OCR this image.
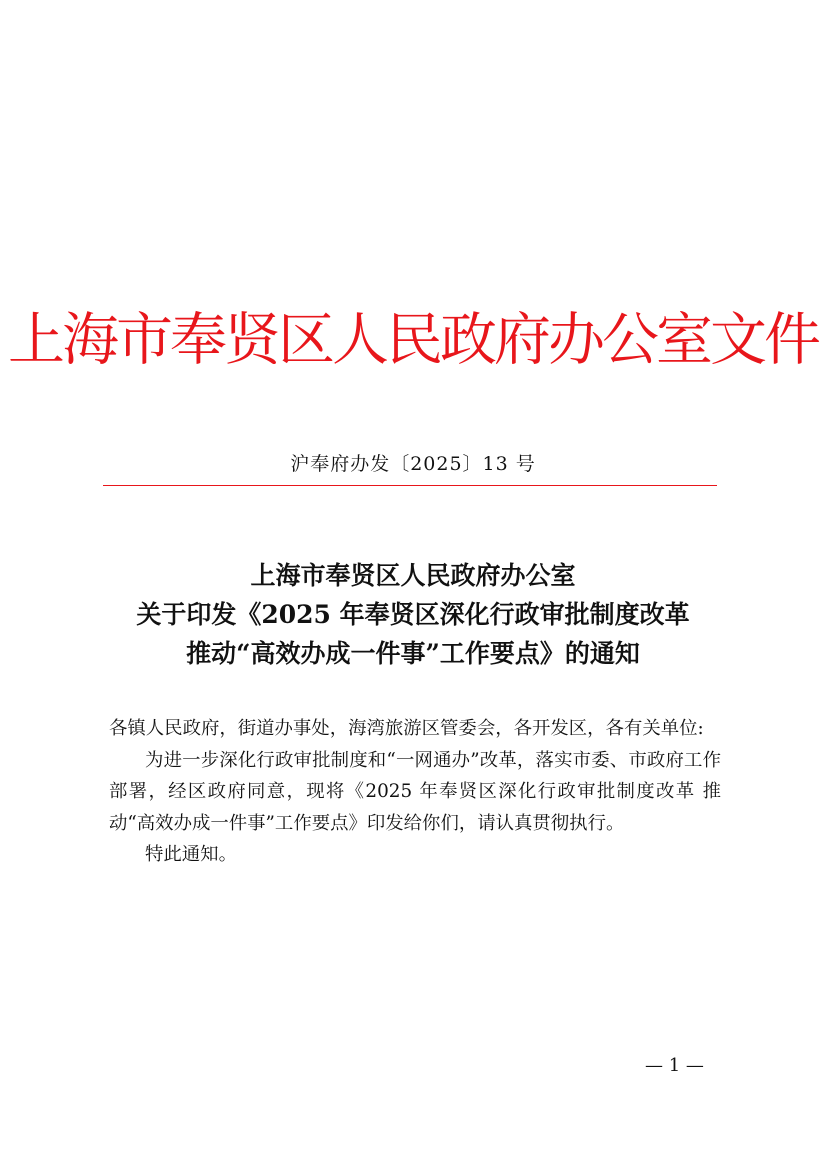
上海市奉贤区人民政府办公室文件
沪奉府办发〔2025〕13 号
上海市奉贤区人民政府办公室
关于印发《2025 年奉贤区深化行政审批制度改革
推动“高效办成一件事”工作要点》的通知

各镇人民政府，街道办事处，海湾旅游区管委会，各开发区，各有关单位:

为进一步深化行政审批制度和“一网通办”改革，落实市委、市政府工作部署，经区政府同意，现将《2025 年奉贤区深化行政审批制度改革 推动“高效办成一件事”工作要点》印发给你们，请认真贯彻执行。

特此通知。

— 1 —
